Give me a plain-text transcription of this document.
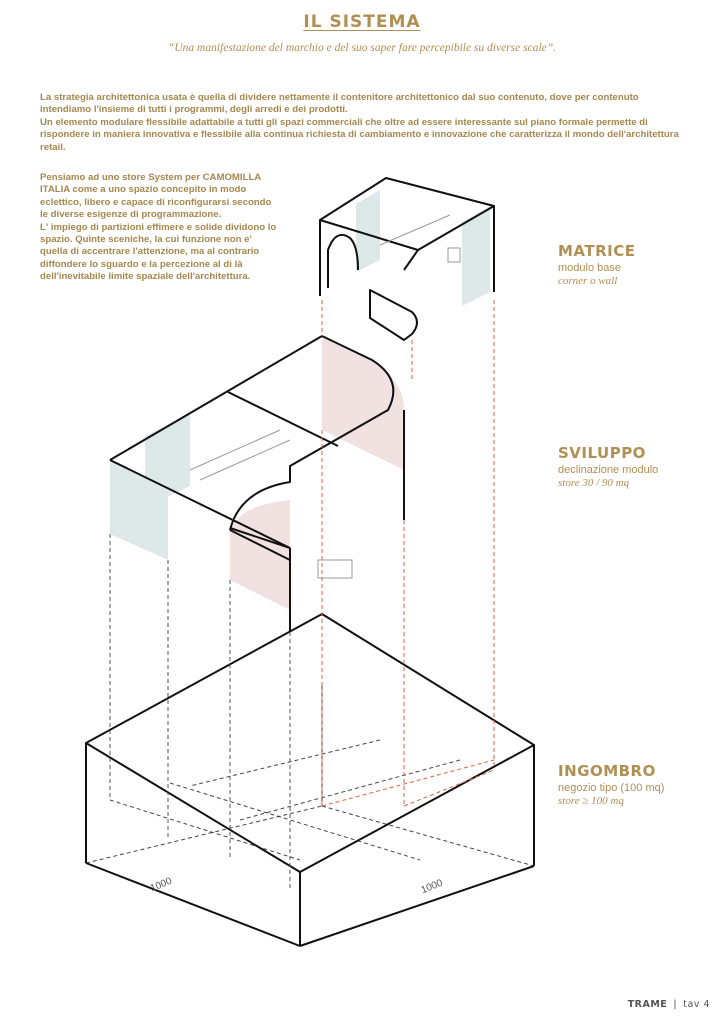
IL SISTEMA
“Una manifestazione del marchio e del suo saper fare percepibile su diverse scale”.

La strategia architettonica usata è quella di dividere nettamente il contenitore architettonico dal suo contenuto, dove per contenuto intendiamo l'insieme di tutti i programmi, degli arredi e dei prodotti.

Un elemento modulare flessibile adattabile a tutti gli spazi commerciali che oltre ad essere interessante sul piano formale permette di rispondere in maniera innovativa e flessibile alla continua richiesta di cambiamento e innovazione che caratterizza il mondo dell'architettura retail.

Pensiamo ad uno store System per CAMOMILLA ITALIA come a uno spazio concepito in modo eclettico, libero e capace di riconfigurarsi secondo le diverse esigenze di programmazione.

L' impiego di partizioni effimere e solide dividono lo spazio. Quinte sceniche, la cui funzione non e' quella di accentrare l'attenzione, ma al contrario diffondere lo sguardo e la percezione al di là dell'inevitabile limite spaziale dell'architettura.

1000	1000
MATRICE
modulo base
corner o wall
SVILUPPO
declinazione modulo
store 30 / 90 mq
INGOMBRO
negozio tipo (100 mq)
store ≥ 100 mq
TRAME | tav 4
